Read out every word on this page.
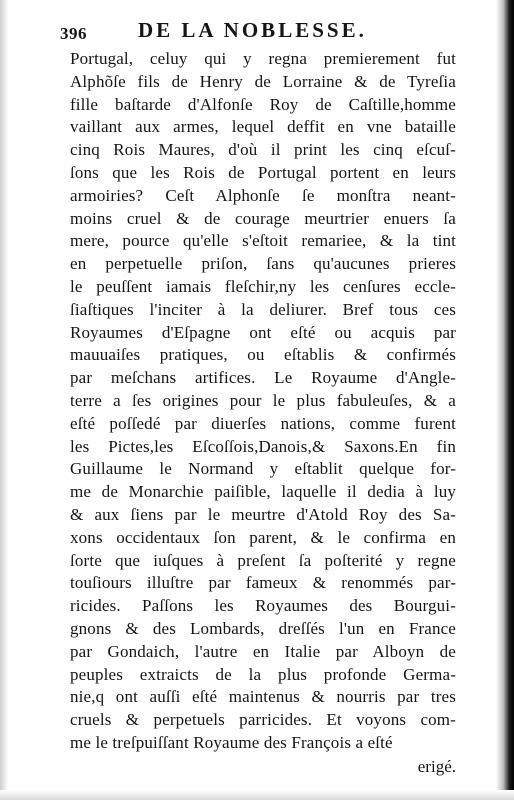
396 DE LA NOBLESSE.
Portugal, celuy qui y regna premierement fut
Alphõſe fils de Henry de Lorraine & de Tyreſia
fille baſtarde d'Alfonſe Roy de Caſtille,homme
vaillant aux armes, lequel deffit en vne bataille
cinq Rois Maures, d'où il print les cinq eſcuſ-
ſons que les Rois de Portugal portent en leurs
armoiries? Ceſt Alphonſe ſe monſtra neant-
moins cruel & de courage meurtrier enuers ſa
mere, pource qu'elle s'eſtoit remariee, & la tint
en perpetuelle priſon, ſans qu'aucunes prieres
le peuſſent iamais fleſchir,ny les cenſures eccle-
ſiaſtiques l'inciter à la deliurer. Bref tous ces
Royaumes d'Eſpagne ont eſté ou acquis par
mauuaiſes pratiques, ou eſtablis & confirmés
par meſchans artifices. Le Royaume d'Angle-
terre a ſes origines pour le plus fabuleuſes, & a
eſté poſſedé par diuerſes nations, comme furent
les Pictes,les Eſcoſſois,Danois,& Saxons.En fin
Guillaume le Normand y eſtablit quelque for-
me de Monarchie paiſible, laquelle il dedia à luy
& aux ſiens par le meurtre d'Atold Roy des Sa-
xons occidentaux ſon parent, & le confirma en
ſorte que iuſques à preſent ſa poſterité y regne
touſiours illuſtre par fameux & renommés par-
ricides. Paſſons les Royaumes des Bourgui-
gnons & des Lombards, dreſſés l'un en France
par Gondaich, l'autre en Italie par Alboyn de
peuples extraicts de la plus profonde Germa-
nie,q ont auſſi eſté maintenus & nourris par tres
cruels & perpetuels parricides. Et voyons com-
me le treſpuiſſant Royaume des François a eſté
erigé.
